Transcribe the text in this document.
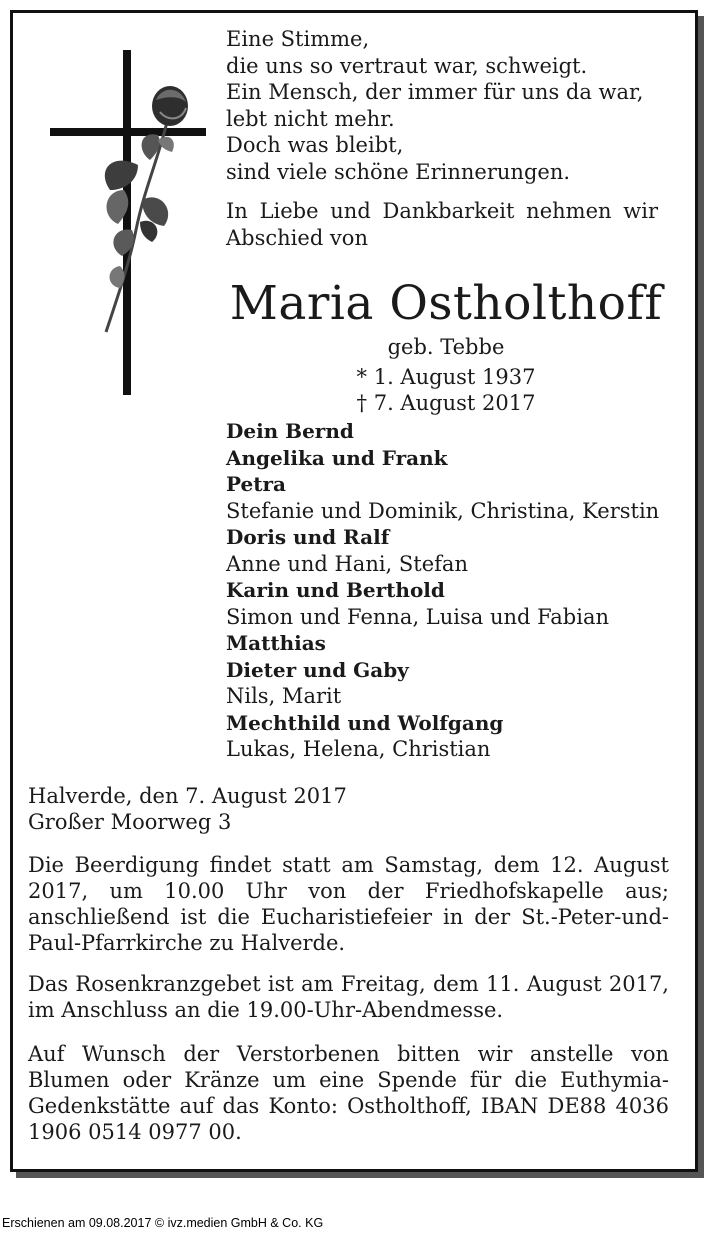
Eine Stimme,
die uns so vertraut war, schweigt.
Ein Mensch, der immer für uns da war,
lebt nicht mehr.
Doch was bleibt,
sind viele schöne Erinnerungen.
In Liebe und Dankbarkeit nehmen wir Abschied von
Maria Ostholthoff
geb. Tebbe
* 1. August 1937 † 7. August 2017
Dein Bernd
Angelika und Frank
Petra
Stefanie und Dominik, Christina, Kerstin
Doris und Ralf
Anne und Hani, Stefan
Karin und Berthold
Simon und Fenna, Luisa und Fabian
Matthias
Dieter und Gaby
Nils, Marit
Mechthild und Wolfgang
Lukas, Helena, Christian
Halverde, den 7. August 2017
Großer Moorweg 3
Die Beerdigung findet statt am Samstag, dem 12. August 2017, um 10.00 Uhr von der Friedhofskapelle aus; anschließend ist die Eucharistiefeier in der St.-Peter-und-Paul-Pfarrkirche zu Halverde.
Das Rosenkranzgebet ist am Freitag, dem 11. August 2017, im Anschluss an die 19.00-Uhr-Abendmesse.
Auf Wunsch der Verstorbenen bitten wir anstelle von Blumen oder Kränze um eine Spende für die Euthymia-Gedenkstätte auf das Konto: Ostholthoff, IBAN DE88 4036 1906 0514 0977 00.
Erschienen am 09.08.2017 © ivz.medien GmbH & Co. KG
